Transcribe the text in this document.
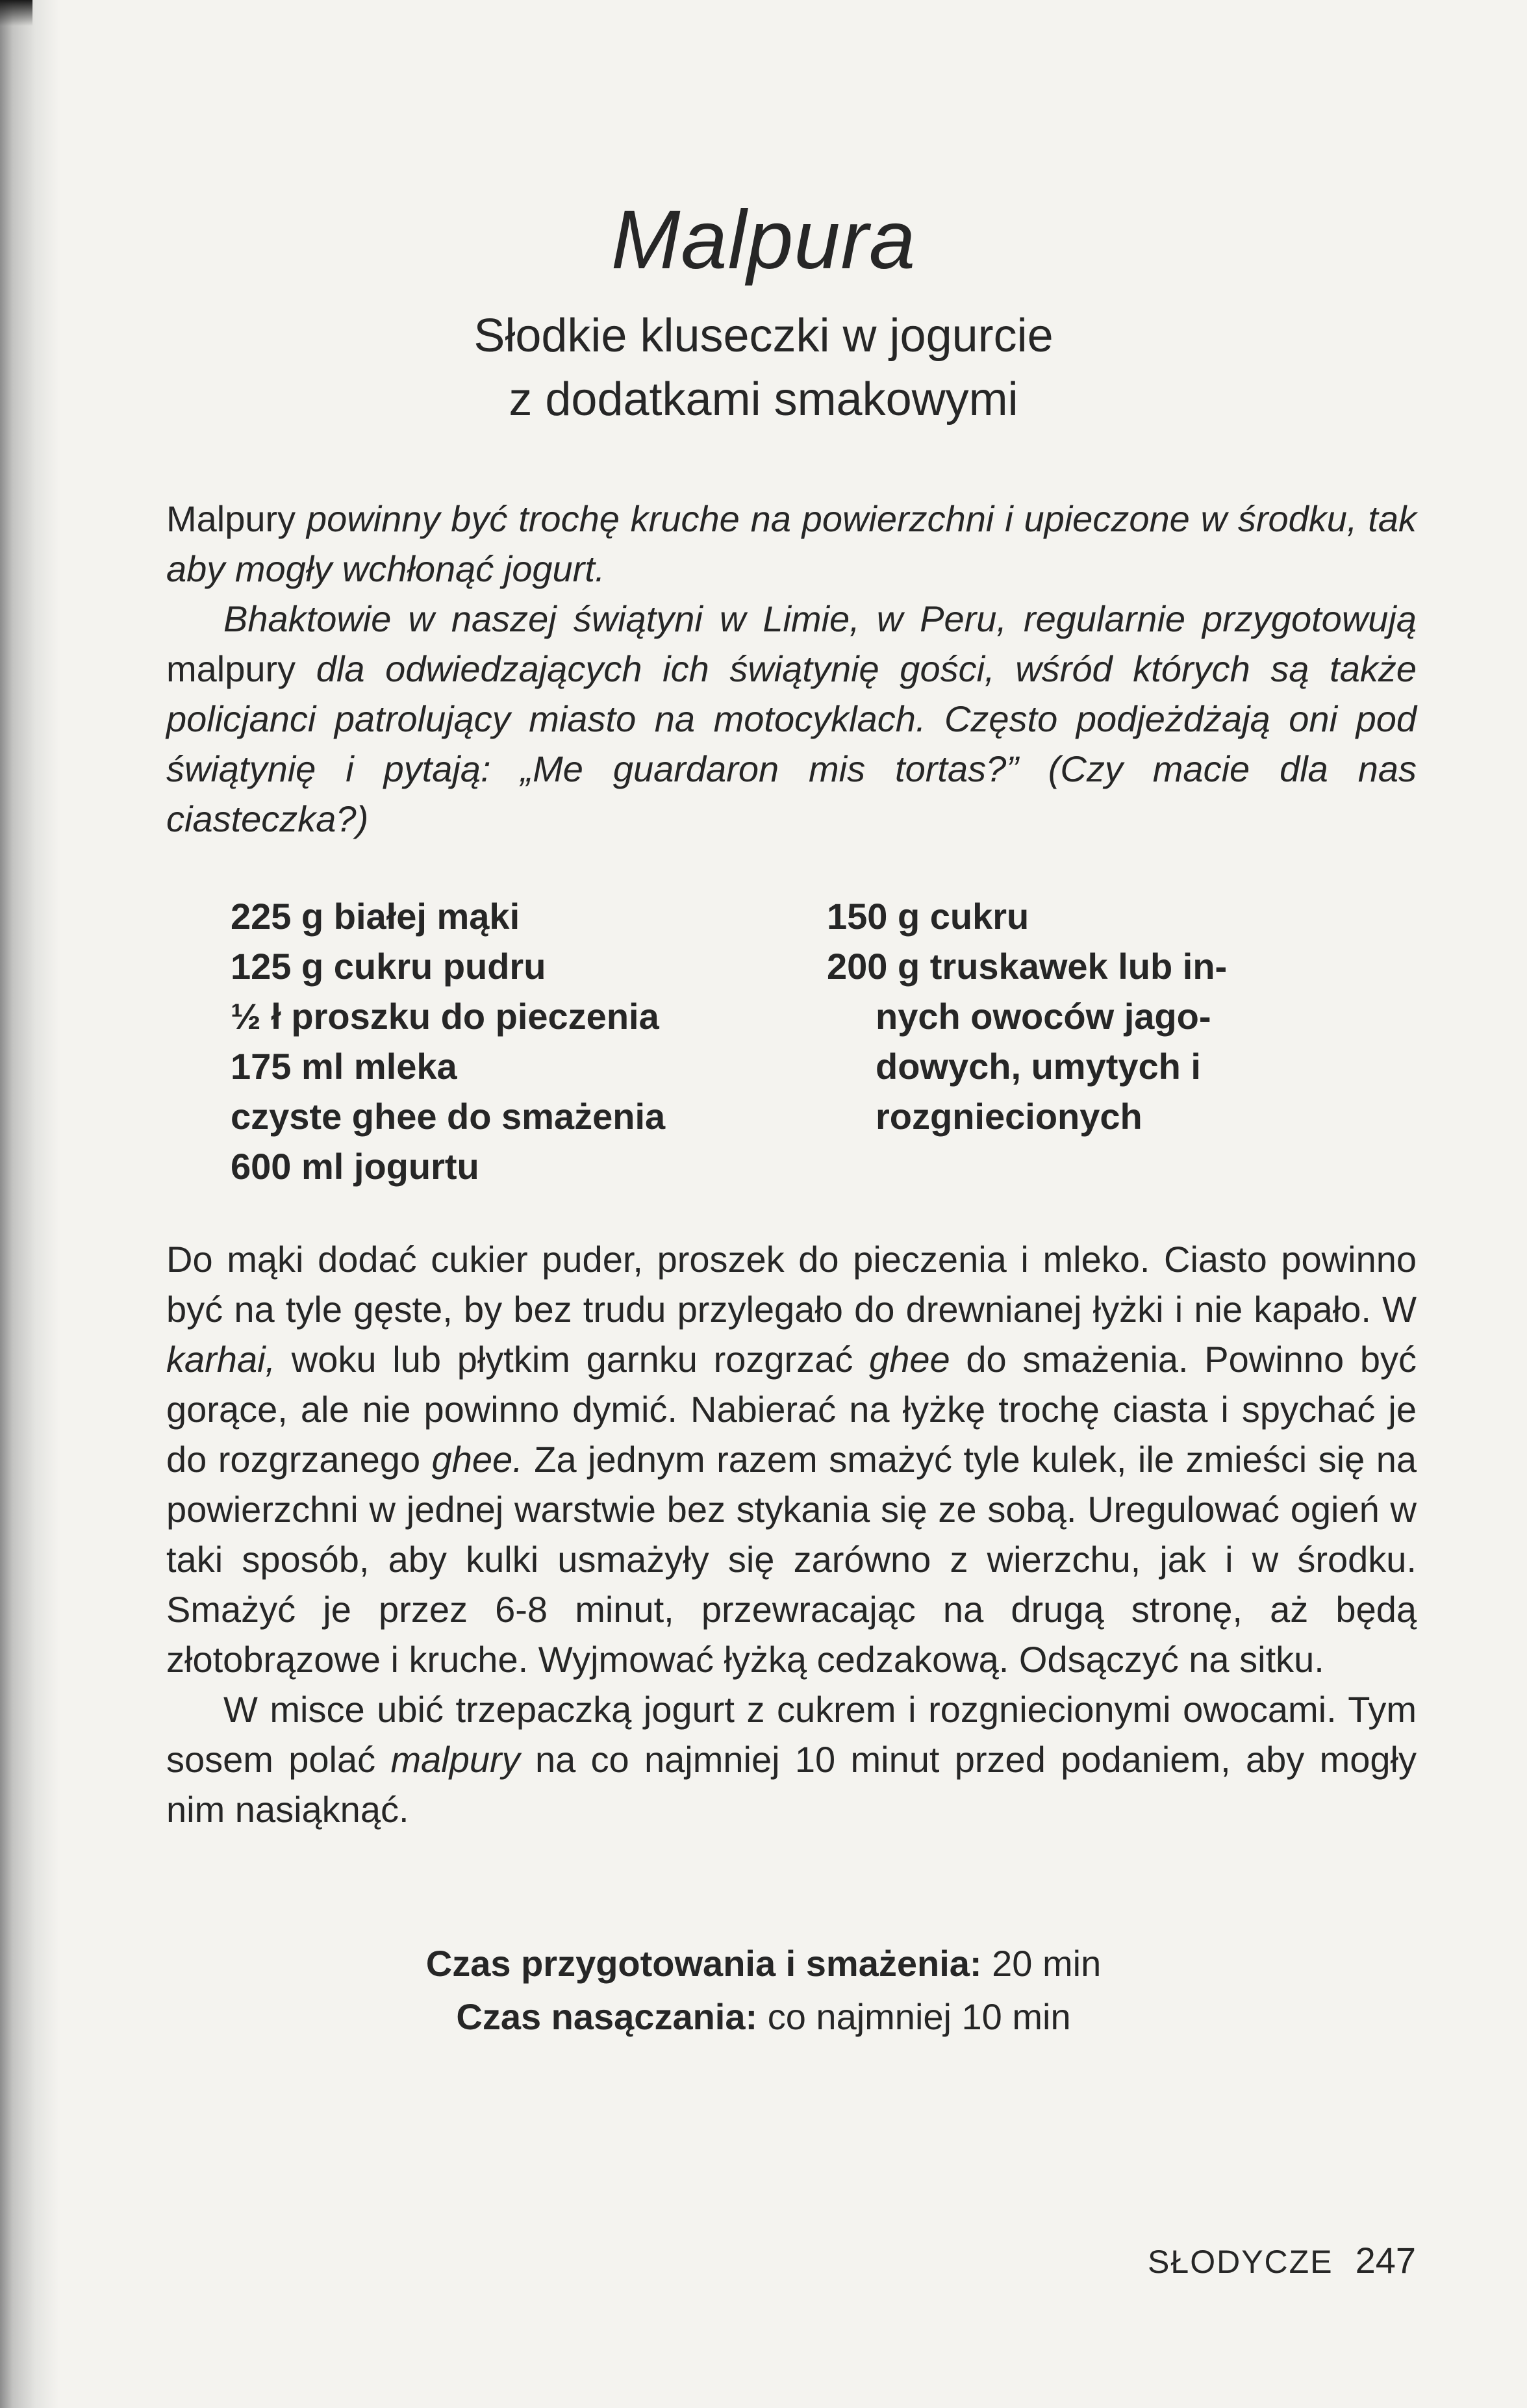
Malpura
Słodkie kluseczki w jogurcie
z dodatkami smakowymi

Malpury powinny być trochę kruche na powierzchni i upieczone w środku, tak aby mogły wchłonąć jogurt.

Bhaktowie w naszej świątyni w Limie, w Peru, regularnie przygotowują malpury dla odwiedzających ich świątynię gości, wśród których są także policjanci patrolujący miasto na motocyklach. Często podjeżdżają oni pod świątynię i pytają: „Me guardaron mis tortas?” (Czy macie dla nas ciasteczka?)

225 g białej mąki
125 g cukru pudru
½ ł proszku do pieczenia
175 ml mleka
czyste ghee do smażenia
600 ml jogurtu
150 g cukru
200 g truskawek lub in-
nych owoców jago-
dowych, umytych i
rozgniecionych

Do mąki dodać cukier puder, proszek do pieczenia i mleko. Ciasto powinno być na tyle gęste, by bez trudu przylegało do drewnianej łyżki i nie kapało. W karhai, woku lub płytkim garnku rozgrzać ghee do smażenia. Powinno być gorące, ale nie powinno dymić. Nabierać na łyżkę trochę ciasta i spychać je do rozgrzanego ghee. Za jednym razem smażyć tyle kulek, ile zmieści się na powierzchni w jednej warstwie bez stykania się ze sobą. Uregulować ogień w taki sposób, aby kulki usmażyły się zarówno z wierzchu, jak i w środku. Smażyć je przez 6-8 minut, przewracając na drugą stronę, aż będą złotobrązowe i kruche. Wyjmować łyżką cedzakową. Odsączyć na sitku.

W misce ubić trzepaczką jogurt z cukrem i rozgniecionymi owocami. Tym sosem polać malpury na co najmniej 10 minut przed podaniem, aby mogły nim nasiąknąć.

Czas przygotowania i smażenia: 20 min
Czas nasączania: co najmniej 10 min
SŁODYCZE 247
